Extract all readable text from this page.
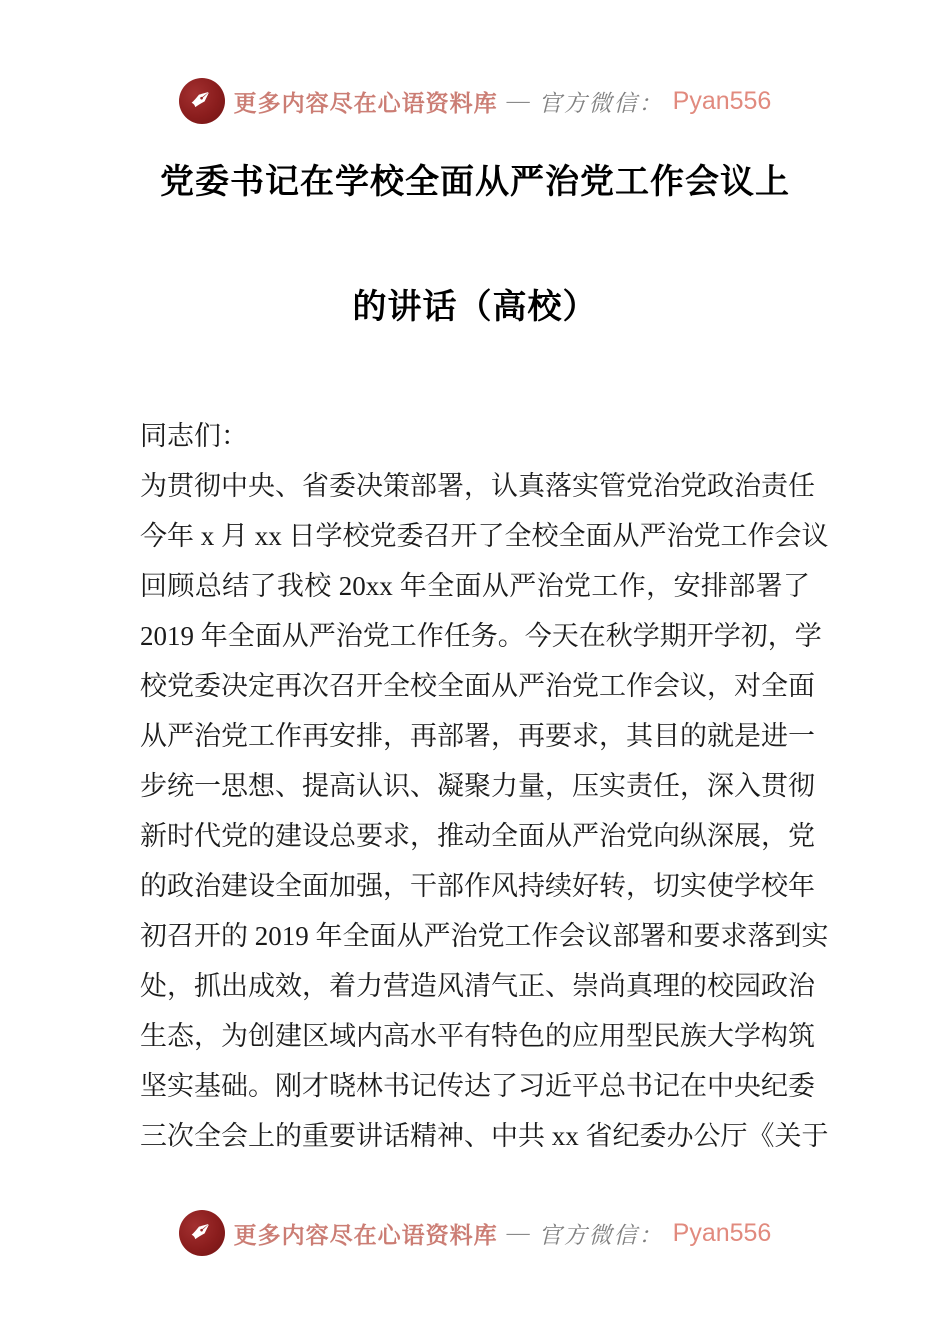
✒ 更多内容尽在心语资料库 — 官方微信： Pyan556
党委书记在学校全面从严治党工作会议上
的讲话（高校）
同志们：
为贯彻中央、省委决策部署，认真落实管党治党政治责任
今年 x 月 xx 日学校党委召开了全校全面从严治党工作会议
回顾总结了我校 20xx 年全面从严治党工作，安排部署了
2019 年全面从严治党工作任务。今天在秋学期开学初，学
校党委决定再次召开全校全面从严治党工作会议，对全面
从严治党工作再安排，再部署，再要求，其目的就是进一
步统一思想、提高认识、凝聚力量，压实责任，深入贯彻
新时代党的建设总要求，推动全面从严治党向纵深展，党
的政治建设全面加强，干部作风持续好转，切实使学校年
初召开的 2019 年全面从严治党工作会议部署和要求落到实
处，抓出成效，着力营造风清气正、崇尚真理的校园政治
生态，为创建区域内高水平有特色的应用型民族大学构筑
坚实基础。刚才晓林书记传达了习近平总书记在中央纪委
三次全会上的重要讲话精神、中共 xx 省纪委办公厅《关于
✒ 更多内容尽在心语资料库 — 官方微信： Pyan556
